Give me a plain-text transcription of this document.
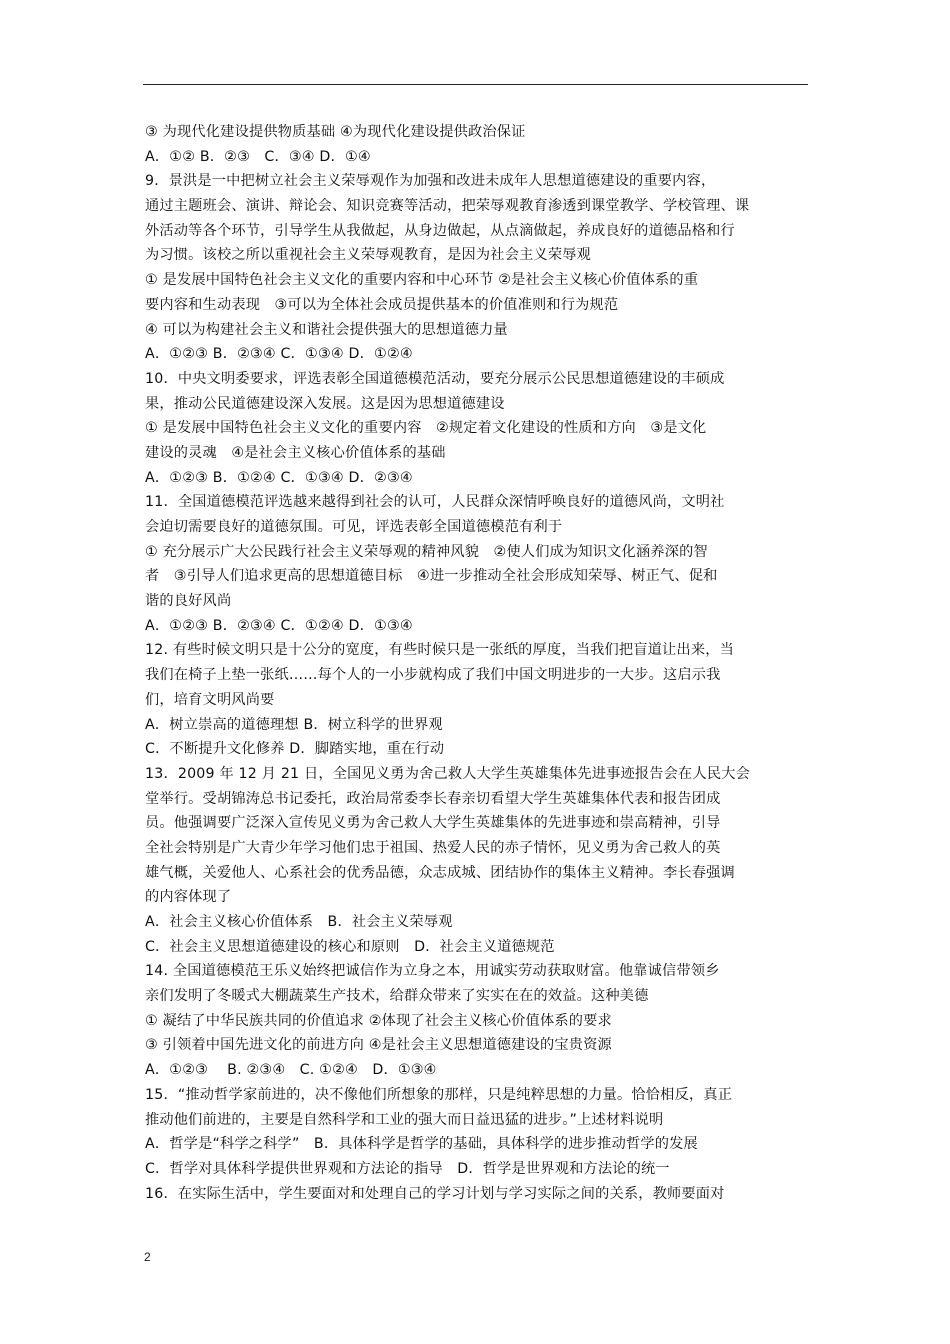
③ 为现代化建设提供物质基础 ④为现代化建设提供政治保证
A．①② B．②③　C．③④ D．①④
9．景洪是一中把树立社会主义荣辱观作为加强和改进未成年人思想道德建设的重要内容，
通过主题班会、演讲、辩论会、知识竞赛等活动，把荣辱观教育渗透到课堂教学、学校管理、课
外活动等各个环节，引导学生从我做起，从身边做起，从点滴做起，养成良好的道德品格和行
为习惯。该校之所以重视社会主义荣辱观教育，是因为社会主义荣辱观
① 是发展中国特色社会主义文化的重要内容和中心环节 ②是社会主义核心价值体系的重
要内容和生动表现　③可以为全体社会成员提供基本的价值准则和行为规范
④ 可以为构建社会主义和谐社会提供强大的思想道德力量
A．①②③ B．②③④ C．①③④ D．①②④
10．中央文明委要求，评选表彰全国道德模范活动，要充分展示公民思想道德建设的丰硕成
果，推动公民道德建设深入发展。这是因为思想道德建设
① 是发展中国特色社会主义文化的重要内容　②规定着文化建设的性质和方向　③是文化
建设的灵魂　④是社会主义核心价值体系的基础
A．①②③ B．①②④ C．①③④ D．②③④
11．全国道德模范评选越来越得到社会的认可，人民群众深情呼唤良好的道德风尚，文明社
会迫切需要良好的道德氛围。可见，评选表彰全国道德模范有利于
① 充分展示广大公民践行社会主义荣辱观的精神风貌　②使人们成为知识文化涵养深的智
者　③引导人们追求更高的思想道德目标　④进一步推动全社会形成知荣辱、树正气、促和
谐的良好风尚
A．①②③ B．②③④ C．①②④ D．①③④
12. 有些时候文明只是十公分的宽度，有些时候只是一张纸的厚度，当我们把盲道让出来，当
我们在椅子上垫一张纸……每个人的一小步就构成了我们中国文明进步的一大步。这启示我
们，培育文明风尚要
A．树立崇高的道德理想 B．树立科学的世界观
C．不断提升文化修养 D．脚踏实地，重在行动
13．2009 年 12 月 21 日，全国见义勇为舍己救人大学生英雄集体先进事迹报告会在人民大会
堂举行。受胡锦涛总书记委托，政治局常委李长春亲切看望大学生英雄集体代表和报告团成
员。他强调要广泛深入宣传见义勇为舍己救人大学生英雄集体的先进事迹和崇高精神，引导
全社会特别是广大青少年学习他们忠于祖国、热爱人民的赤子情怀，见义勇为舍己救人的英
雄气概，关爱他人、心系社会的优秀品德，众志成城、团结协作的集体主义精神。李长春强调
的内容体现了
A．社会主义核心价值体系　B．社会主义荣辱观
C．社会主义思想道德建设的核心和原则　D．社会主义道德规范
14. 全国道德模范王乐义始终把诚信作为立身之本，用诚实劳动获取财富。他靠诚信带领乡
亲们发明了冬暖式大棚蔬菜生产技术，给群众带来了实实在在的效益。这种美德
① 凝结了中华民族共同的价值追求 ②体现了社会主义核心价值体系的要求
③ 引领着中国先进文化的前进方向 ④是社会主义思想道德建设的宝贵资源
A．①②③　 B. ②③④　C. ①②④　D．①③④
15．“推动哲学家前进的，决不像他们所想象的那样，只是纯粹思想的力量。恰恰相反，真正
推动他们前进的，主要是自然科学和工业的强大而日益迅猛的进步。”上述材料说明
A．哲学是“科学之科学”　B．具体科学是哲学的基础，具体科学的进步推动哲学的发展
C．哲学对具体科学提供世界观和方法论的指导　D．哲学是世界观和方法论的统一
16．在实际生活中，学生要面对和处理自己的学习计划与学习实际之间的关系，教师要面对
2
